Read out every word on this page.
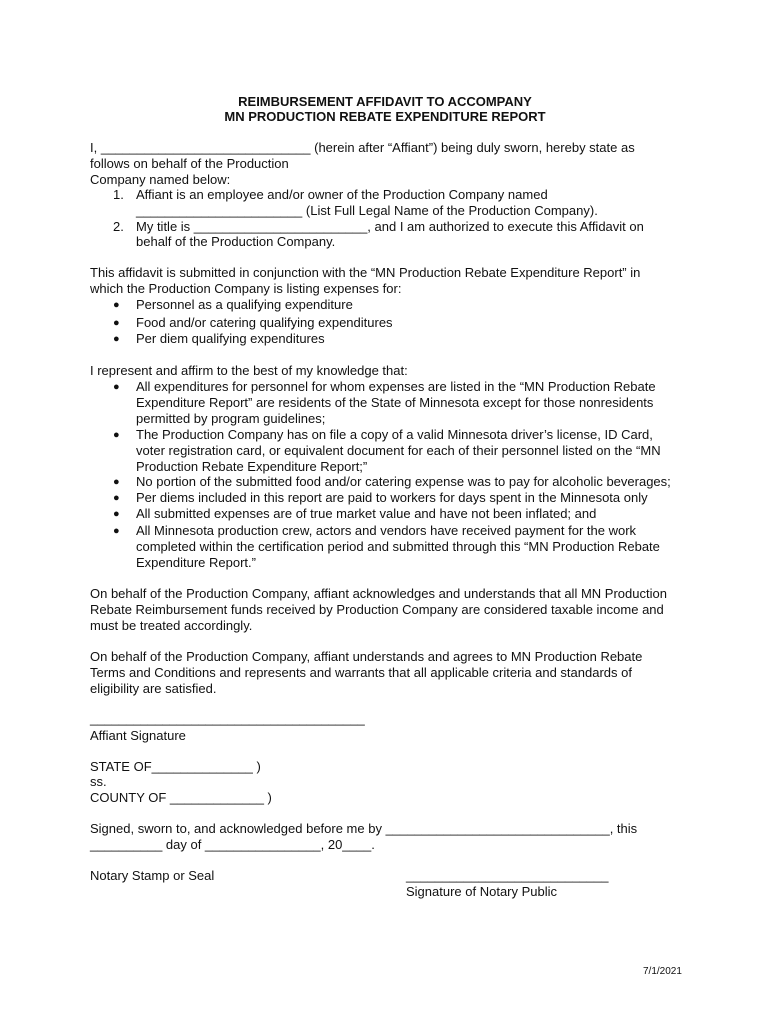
REIMBURSEMENT AFFIDAVIT TO ACCOMPANY
MN PRODUCTION REBATE EXPENDITURE REPORT
I, _____________________________ (herein after “Affiant”) being duly sworn, hereby state as
follows on behalf of the Production
Company named below:
1. Affiant is an employee and/or owner of the Production Company named
_______________________ (List Full Legal Name of the Production Company).
2. My title is ________________________, and I am authorized to execute this Affidavit on
behalf of the Production Company.
This affidavit is submitted in conjunction with the “MN Production Rebate Expenditure Report” in
which the Production Company is listing expenses for:
● Personnel as a qualifying expenditure
● Food and/or catering qualifying expenditures
● Per diem qualifying expenditures
I represent and affirm to the best of my knowledge that:
● All expenditures for personnel for whom expenses are listed in the “MN Production Rebate
Expenditure Report” are residents of the State of Minnesota except for those nonresidents
permitted by program guidelines;
● The Production Company has on file a copy of a valid Minnesota driver’s license, ID Card,
voter registration card, or equivalent document for each of their personnel listed on the “MN
Production Rebate Expenditure Report;”
● No portion of the submitted food and/or catering expense was to pay for alcoholic beverages;
● Per diems included in this report are paid to workers for days spent in the Minnesota only
● All submitted expenses are of true market value and have not been inflated; and
● All Minnesota production crew, actors and vendors have received payment for the work
completed within the certification period and submitted through this “MN Production Rebate
Expenditure Report.”
On behalf of the Production Company, affiant acknowledges and understands that all MN Production
Rebate Reimbursement funds received by Production Company are considered taxable income and
must be treated accordingly.
On behalf of the Production Company, affiant understands and agrees to MN Production Rebate
Terms and Conditions and represents and warrants that all applicable criteria and standards of
eligibility are satisfied.
______________________________________
Affiant Signature
STATE OF______________ )
ss.
COUNTY OF _____________ )
Signed, sworn to, and acknowledged before me by _______________________________, this
__________ day of ________________, 20____.
Notary Stamp or Seal	____________________________
Signature of Notary Public
7/1/2021
